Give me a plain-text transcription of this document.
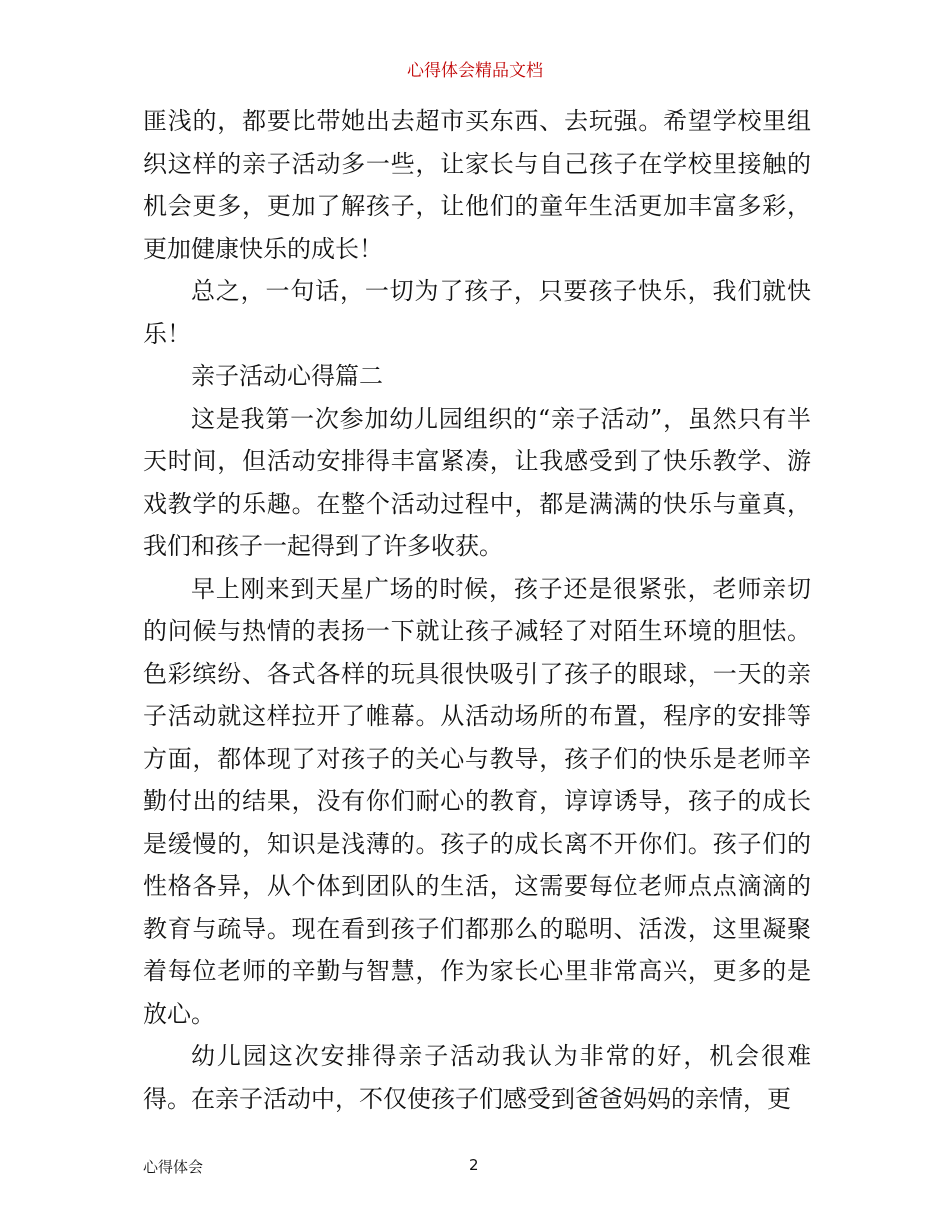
心得体会精品文档

匪浅的，都要比带她出去超市买东西、去玩强。希望学校里组织这样的亲子活动多一些，让家长与自己孩子在学校里接触的机会更多，更加了解孩子，让他们的童年生活更加丰富多彩，更加健康快乐的成长！

总之，一句话，一切为了孩子，只要孩子快乐，我们就快乐！

亲子活动心得篇二

这是我第一次参加幼儿园组织的“亲子活动”，虽然只有半天时间，但活动安排得丰富紧凑，让我感受到了快乐教学、游戏教学的乐趣。在整个活动过程中，都是满满的快乐与童真，我们和孩子一起得到了许多收获。

早上刚来到天星广场的时候，孩子还是很紧张，老师亲切的问候与热情的表扬一下就让孩子减轻了对陌生环境的胆怯。色彩缤纷、各式各样的玩具很快吸引了孩子的眼球，一天的亲子活动就这样拉开了帷幕。从活动场所的布置，程序的安排等方面，都体现了对孩子的关心与教导，孩子们的快乐是老师辛勤付出的结果，没有你们耐心的教育，谆谆诱导，孩子的成长是缓慢的，知识是浅薄的。孩子的成长离不开你们。孩子们的性格各异，从个体到团队的生活，这需要每位老师点点滴滴的教育与疏导。现在看到孩子们都那么的聪明、活泼，这里凝聚着每位老师的辛勤与智慧，作为家长心里非常高兴，更多的是放心。

幼儿园这次安排得亲子活动我认为非常的好，机会很难得。在亲子活动中，不仅使孩子们感受到爸爸妈妈的亲情，更

心得体会	2
